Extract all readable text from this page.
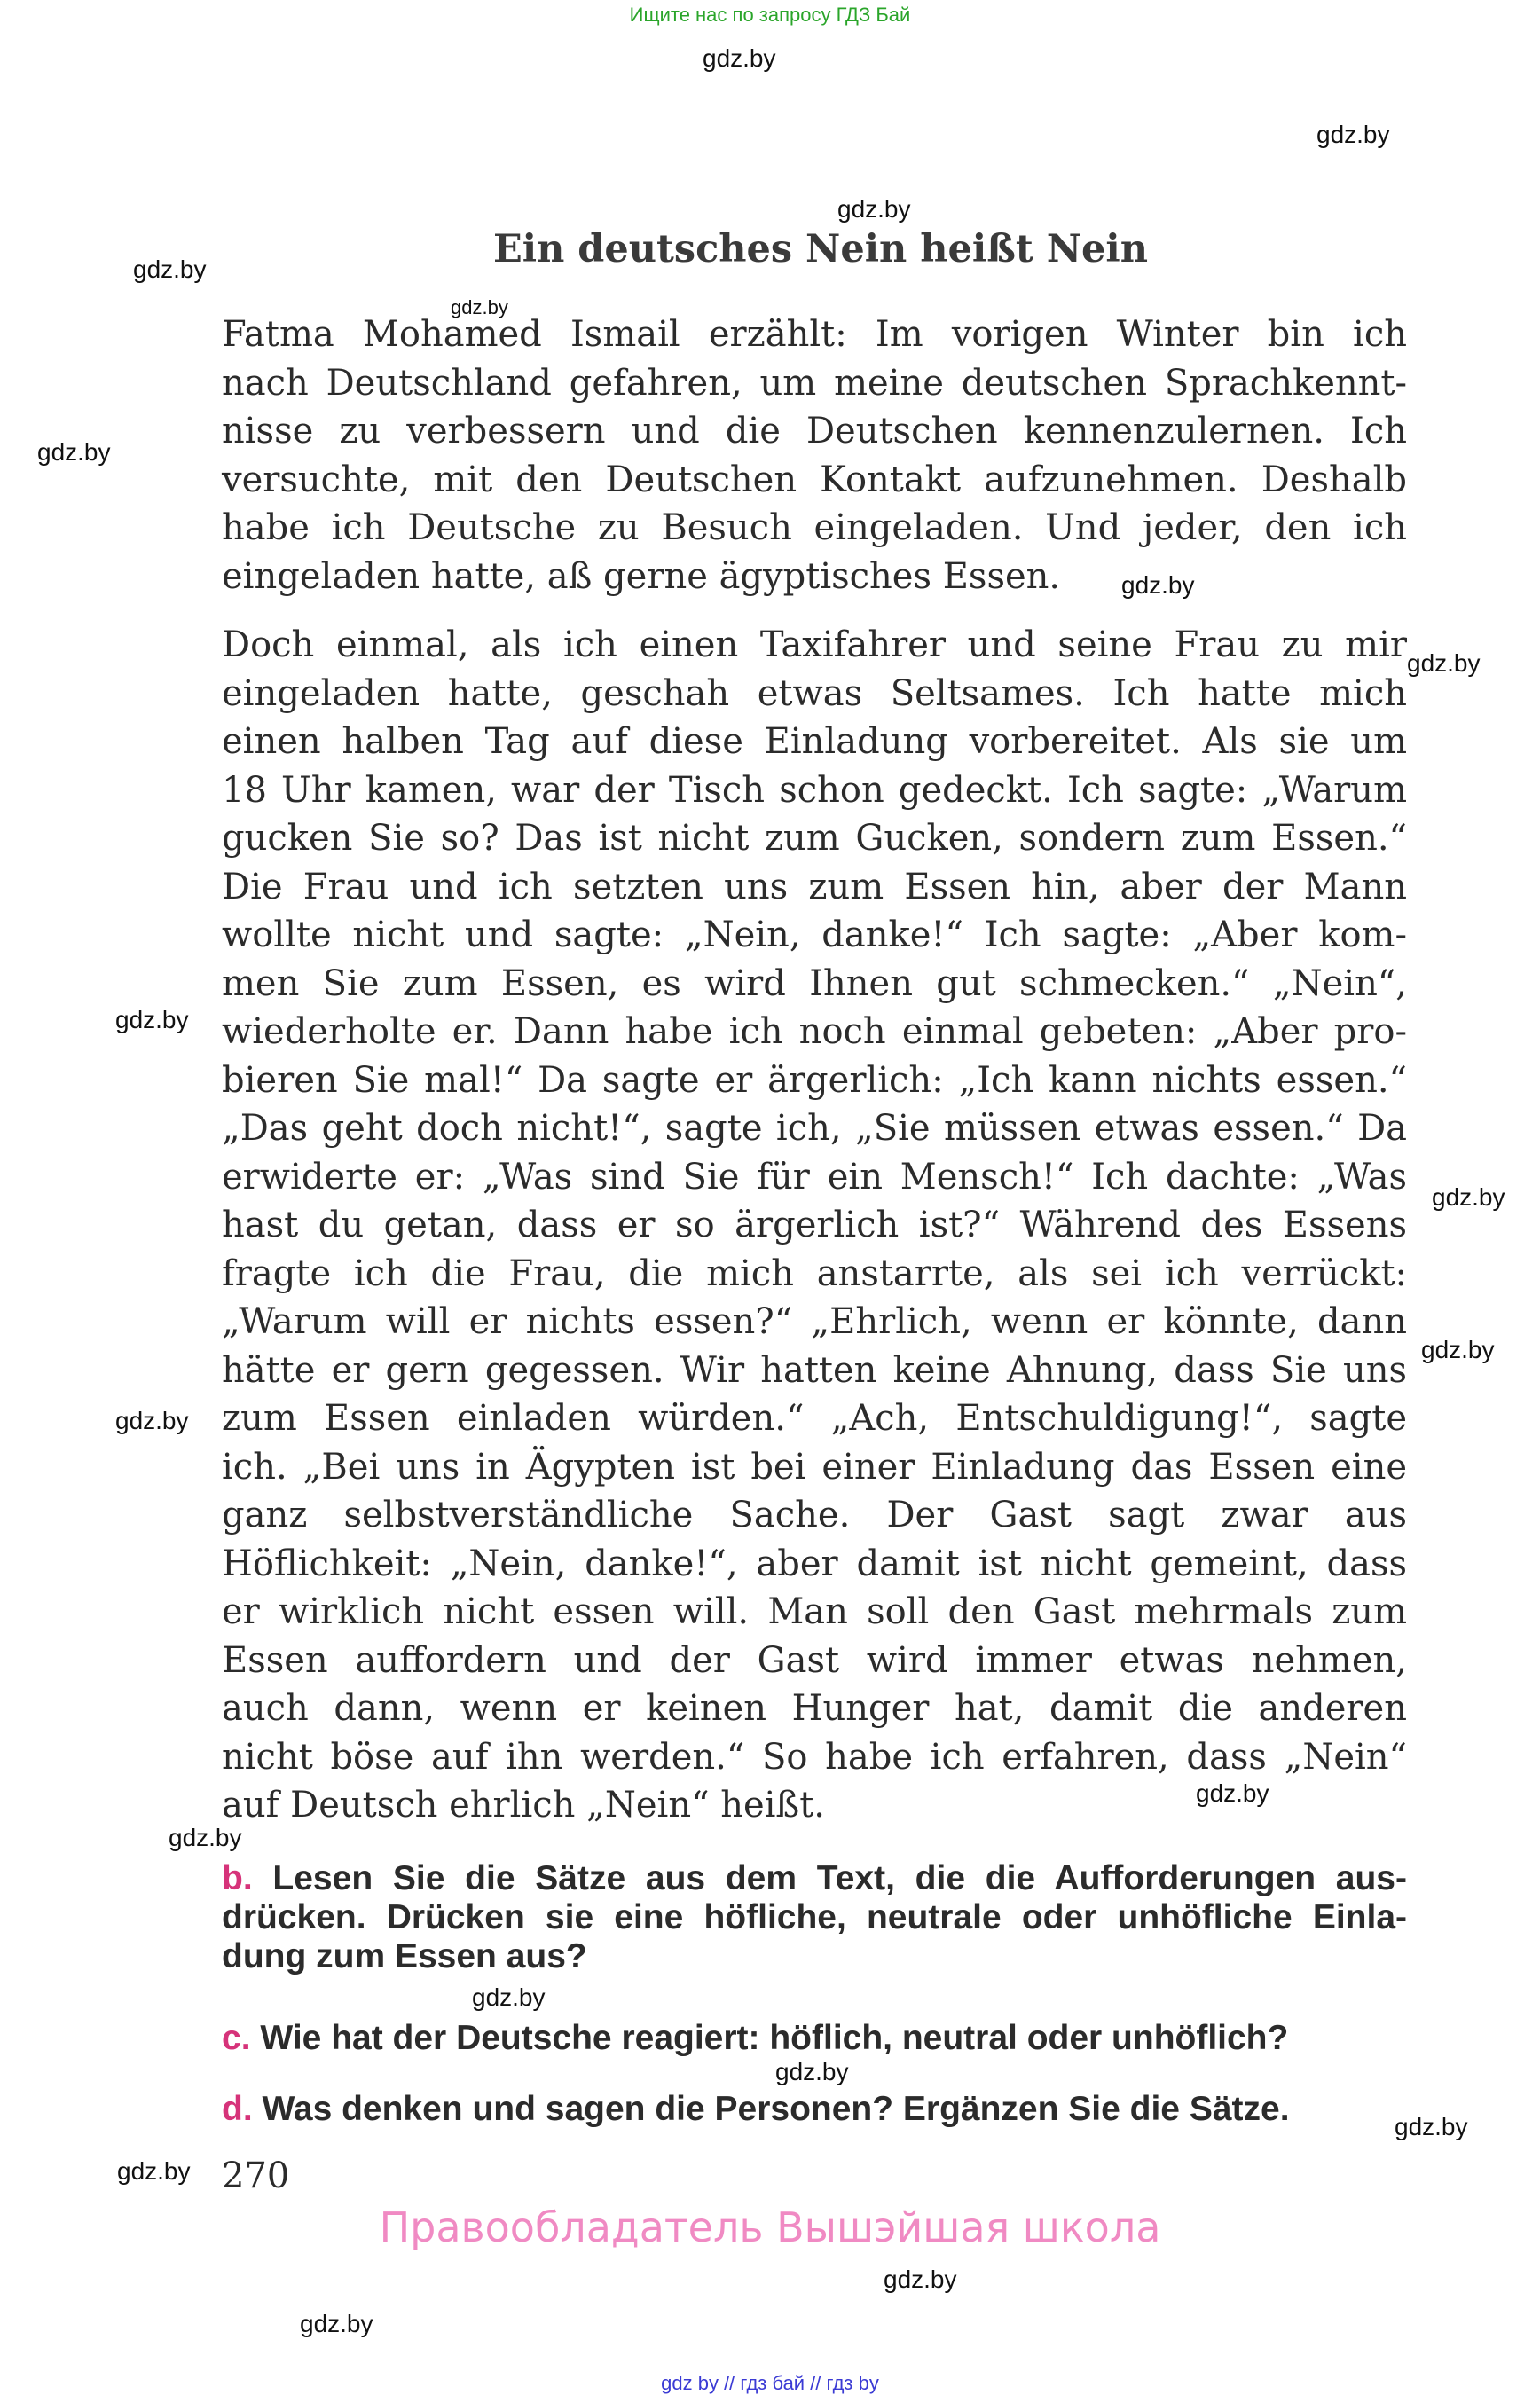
Ищите нас по запросу ГДЗ Бай
gdz.by
gdz.by
gdz.by
gdz.by
gdz.by
gdz.by
gdz.by
gdz.by
gdz.by
gdz.by
gdz.by
gdz.by
gdz.by
gdz.by
gdz.by
gdz.by
gdz.by
gdz.by
gdz.by
gdz.by
Ein deutsches Nein heißt Nein
Fatma Mohamed Ismail erzählt: Im vorigen Winter bin ich
nach Deutschland gefahren, um meine deutschen Sprachkennt-
nisse zu verbessern und die Deutschen kennenzulernen. Ich
versuchte, mit den Deutschen Kontakt aufzunehmen. Deshalb
habe ich Deutsche zu Besuch eingeladen. Und jeder, den ich
eingeladen hatte, aß gerne ägyptisches Essen.
Doch einmal, als ich einen Taxifahrer und seine Frau zu mir
eingeladen hatte, geschah etwas Seltsames. Ich hatte mich
einen halben Tag auf diese Einladung vorbereitet. Als sie um
18 Uhr kamen, war der Tisch schon gedeckt. Ich sagte: „Warum
gucken Sie so? Das ist nicht zum Gucken, sondern zum Essen.“
Die Frau und ich setzten uns zum Essen hin, aber der Mann
wollte nicht und sagte: „Nein, danke!“ Ich sagte: „Aber kom-
men Sie zum Essen, es wird Ihnen gut schmecken.“ „Nein“,
wiederholte er. Dann habe ich noch einmal gebeten: „Aber pro-
bieren Sie mal!“ Da sagte er ärgerlich: „Ich kann nichts essen.“
„Das geht doch nicht!“, sagte ich, „Sie müssen etwas essen.“ Da
erwiderte er: „Was sind Sie für ein Mensch!“ Ich dachte: „Was
hast du getan, dass er so ärgerlich ist?“ Während des Essens
fragte ich die Frau, die mich anstarrte, als sei ich verrückt:
„Warum will er nichts essen?“ „Ehrlich, wenn er könnte, dann
hätte er gern gegessen. Wir hatten keine Ahnung, dass Sie uns
zum Essen einladen würden.“ „Ach, Entschuldigung!“, sagte
ich. „Bei uns in Ägypten ist bei einer Einladung das Essen eine
ganz selbstverständliche Sache. Der Gast sagt zwar aus
Höflichkeit: „Nein, danke!“, aber damit ist nicht gemeint, dass
er wirklich nicht essen will. Man soll den Gast mehrmals zum
Essen auffordern und der Gast wird immer etwas nehmen,
auch dann, wenn er keinen Hunger hat, damit die anderen
nicht böse auf ihn werden.“ So habe ich erfahren, dass „Nein“
auf Deutsch ehrlich „Nein“ heißt.
b. Lesen Sie die Sätze aus dem Text, die die Aufforderungen aus-
drücken. Drücken sie eine höfliche, neutrale oder unhöfliche Einla-
dung zum Essen aus?
c. Wie hat der Deutsche reagiert: höflich, neutral oder unhöflich?
d. Was denken und sagen die Personen? Ergänzen Sie die Sätze.
270
Правообладатель Вышэйшая школа
gdz by // гдз бай // гдз by
